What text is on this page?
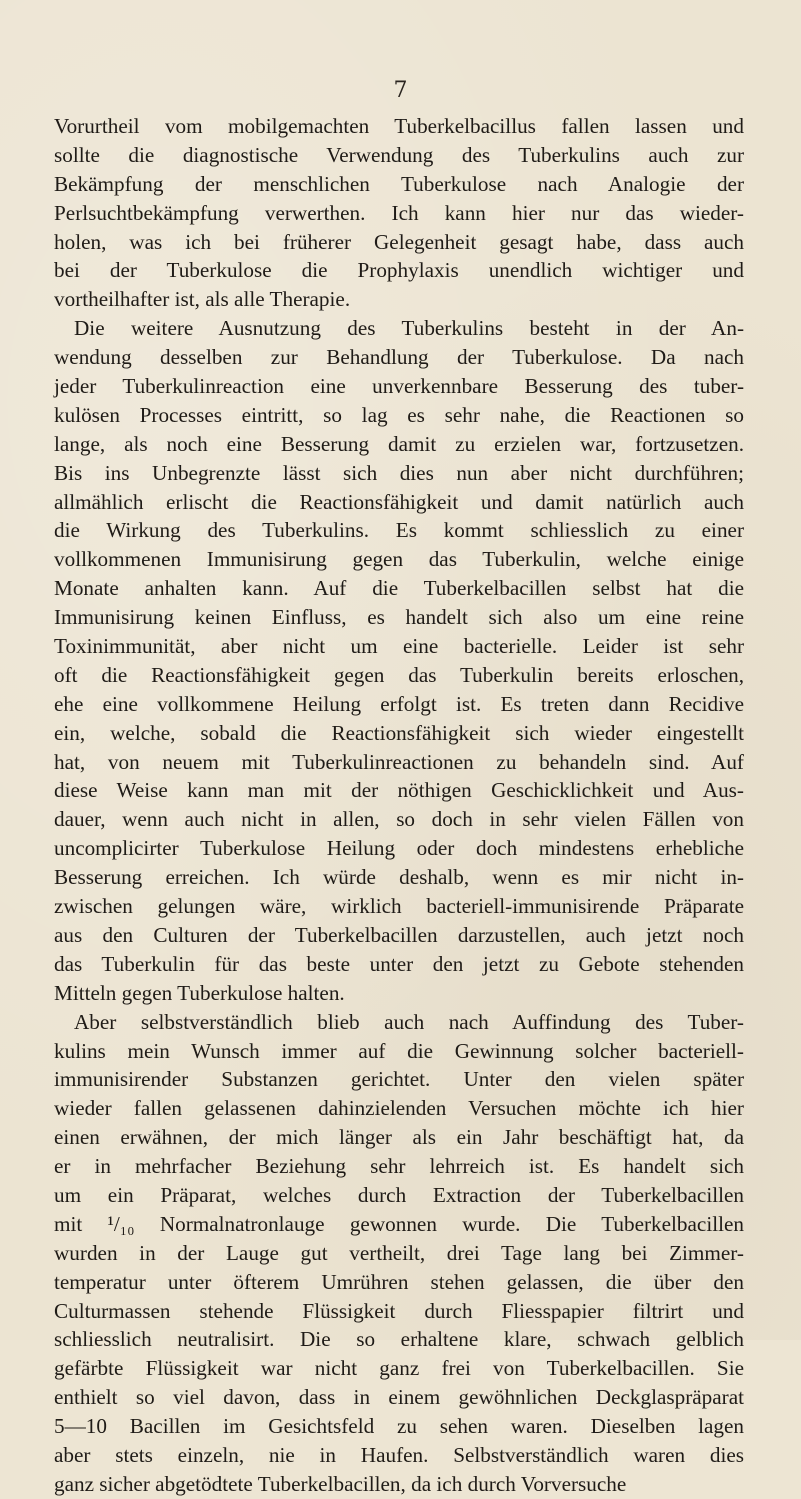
7
Vorurtheil vom mobilgemachten Tuberkelbacillus fallen lassen und
sollte die diagnostische Verwendung des Tuberkulins auch zur
Bekämpfung der menschlichen Tuberkulose nach Analogie der
Perlsuchtbekämpfung verwerthen. Ich kann hier nur das wieder-
holen, was ich bei früherer Gelegenheit gesagt habe, dass auch
bei der Tuberkulose die Prophylaxis unendlich wichtiger und
vortheilhafter ist, als alle Therapie.
Die weitere Ausnutzung des Tuberkulins besteht in der An-
wendung desselben zur Behandlung der Tuberkulose. Da nach
jeder Tuberkulinreaction eine unverkennbare Besserung des tuber-
kulösen Processes eintritt, so lag es sehr nahe, die Reactionen so
lange, als noch eine Besserung damit zu erzielen war, fortzusetzen.
Bis ins Unbegrenzte lässt sich dies nun aber nicht durchführen;
allmählich erlischt die Reactionsfähigkeit und damit natürlich auch
die Wirkung des Tuberkulins. Es kommt schliesslich zu einer
vollkommenen Immunisirung gegen das Tuberkulin, welche einige
Monate anhalten kann. Auf die Tuberkelbacillen selbst hat die
Immunisirung keinen Einfluss, es handelt sich also um eine reine
Toxinimmunität, aber nicht um eine bacterielle. Leider ist sehr
oft die Reactionsfähigkeit gegen das Tuberkulin bereits erloschen,
ehe eine vollkommene Heilung erfolgt ist. Es treten dann Recidive
ein, welche, sobald die Reactionsfähigkeit sich wieder eingestellt
hat, von neuem mit Tuberkulinreactionen zu behandeln sind. Auf
diese Weise kann man mit der nöthigen Geschicklichkeit und Aus-
dauer, wenn auch nicht in allen, so doch in sehr vielen Fällen von
uncomplicirter Tuberkulose Heilung oder doch mindestens erhebliche
Besserung erreichen. Ich würde deshalb, wenn es mir nicht in-
zwischen gelungen wäre, wirklich bacteriell-immunisirende Präparate
aus den Culturen der Tuberkelbacillen darzustellen, auch jetzt noch
das Tuberkulin für das beste unter den jetzt zu Gebote stehenden
Mitteln gegen Tuberkulose halten.
Aber selbstverständlich blieb auch nach Auffindung des Tuber-
kulins mein Wunsch immer auf die Gewinnung solcher bacteriell-
immunisirender Substanzen gerichtet. Unter den vielen später
wieder fallen gelassenen dahinzielenden Versuchen möchte ich hier
einen erwähnen, der mich länger als ein Jahr beschäftigt hat, da
er in mehrfacher Beziehung sehr lehrreich ist. Es handelt sich
um ein Präparat, welches durch Extraction der Tuberkelbacillen
mit ¹/₁₀ Normalnatronlauge gewonnen wurde. Die Tuberkelbacillen
wurden in der Lauge gut vertheilt, drei Tage lang bei Zimmer-
temperatur unter öfterem Umrühren stehen gelassen, die über den
Culturmassen stehende Flüssigkeit durch Fliesspapier filtrirt und
schliesslich neutralisirt. Die so erhaltene klare, schwach gelblich
gefärbte Flüssigkeit war nicht ganz frei von Tuberkelbacillen. Sie
enthielt so viel davon, dass in einem gewöhnlichen Deckglaspräparat
5—10 Bacillen im Gesichtsfeld zu sehen waren. Dieselben lagen
aber stets einzeln, nie in Haufen. Selbstverständlich waren dies
ganz sicher abgetödtete Tuberkelbacillen, da ich durch Vorversuche
